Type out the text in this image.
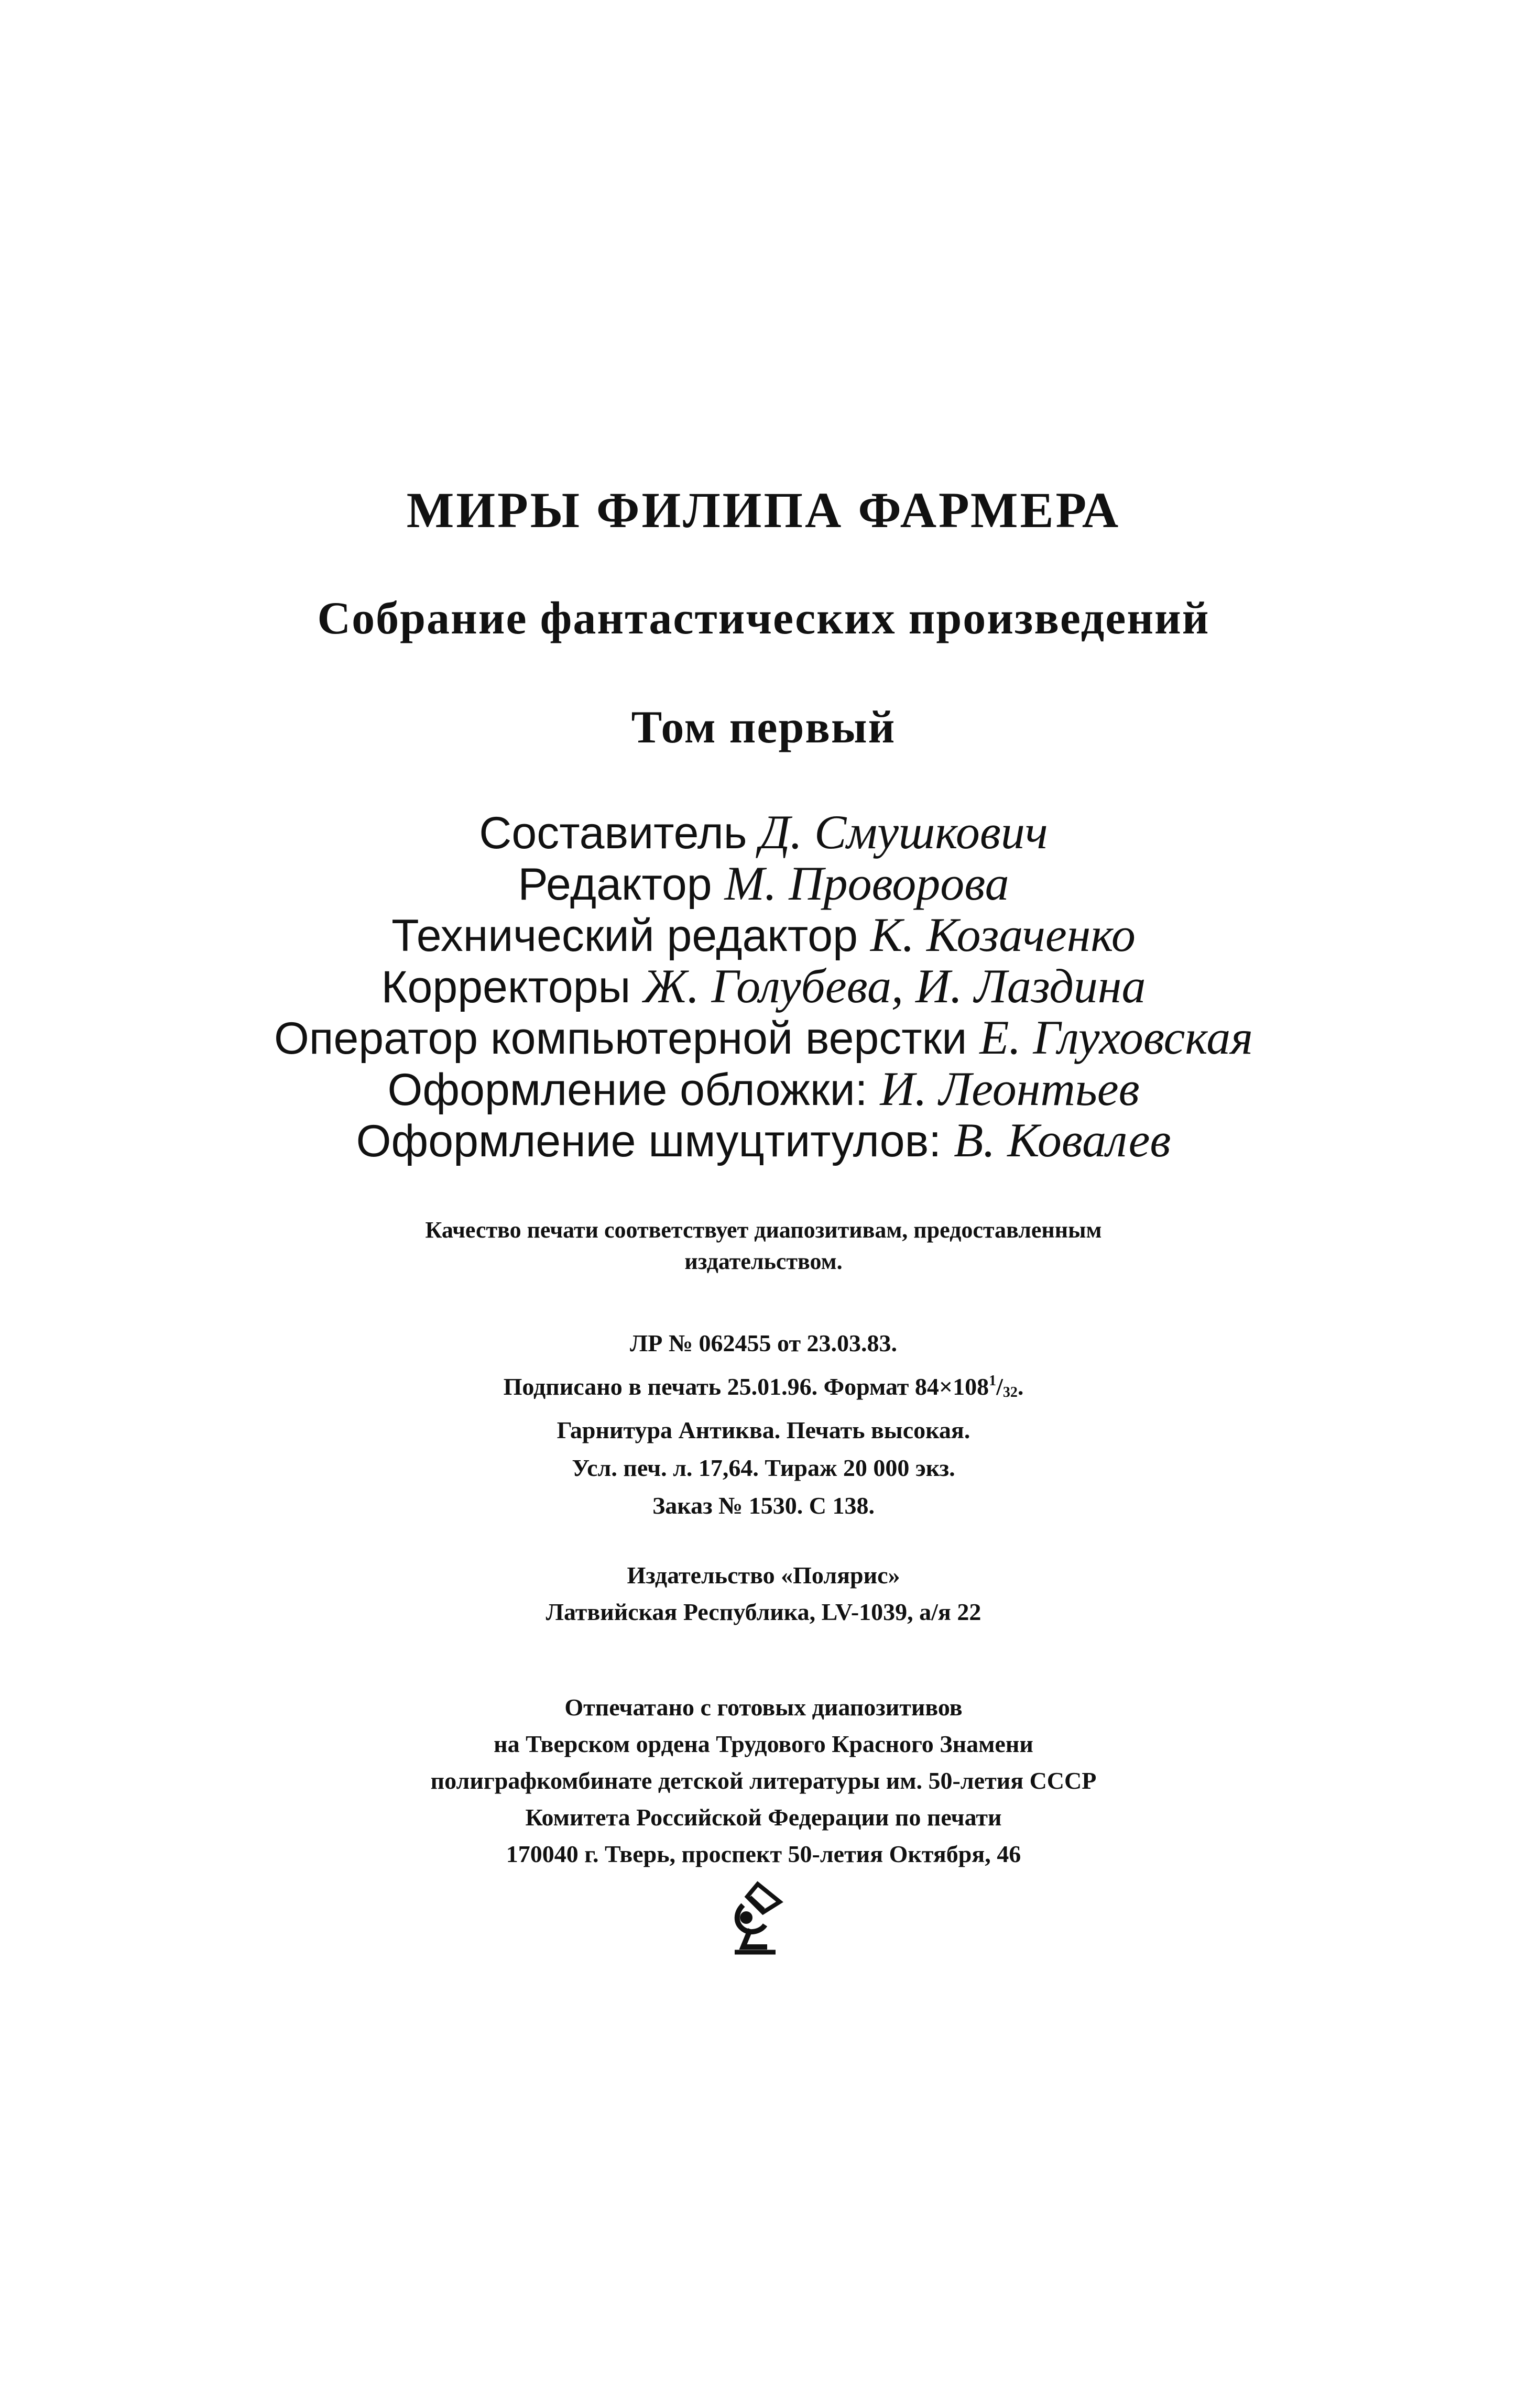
МИРЫ ФИЛИПА ФАРМЕРА
Собрание фантастических произведений
Том первый
Составитель Д. Смушкович
Редактор М. Проворова
Технический редактор К. Козаченко
Корректоры Ж. Голубева, И. Лаздина
Оператор компьютерной верстки Е. Глуховская
Оформление обложки: И. Леонтьев
Оформление шмуцтитулов: В. Ковалев
Качество печати соответствует диапозитивам, предоставленным
издательством.
ЛР № 062455 от 23.03.83.
Подписано в печать 25.01.96. Формат $84\times 108^1/_{32}$.
Гарнитура Антиква. Печать высокая.
Усл. печ. л. 17,64. Тираж 20 000 экз.
Заказ № 1530. С 138.
Издательство «Полярис»
Латвийская Республика, LV-1039, а/я 22
Отпечатано с готовых диапозитивов
на Тверском ордена Трудового Красного Знамени
полиграфкомбинате детской литературы им. 50-летия СССР
Комитета Российской Федерации по печати
170040 г. Тверь, проспект 50-летия Октября, 46
